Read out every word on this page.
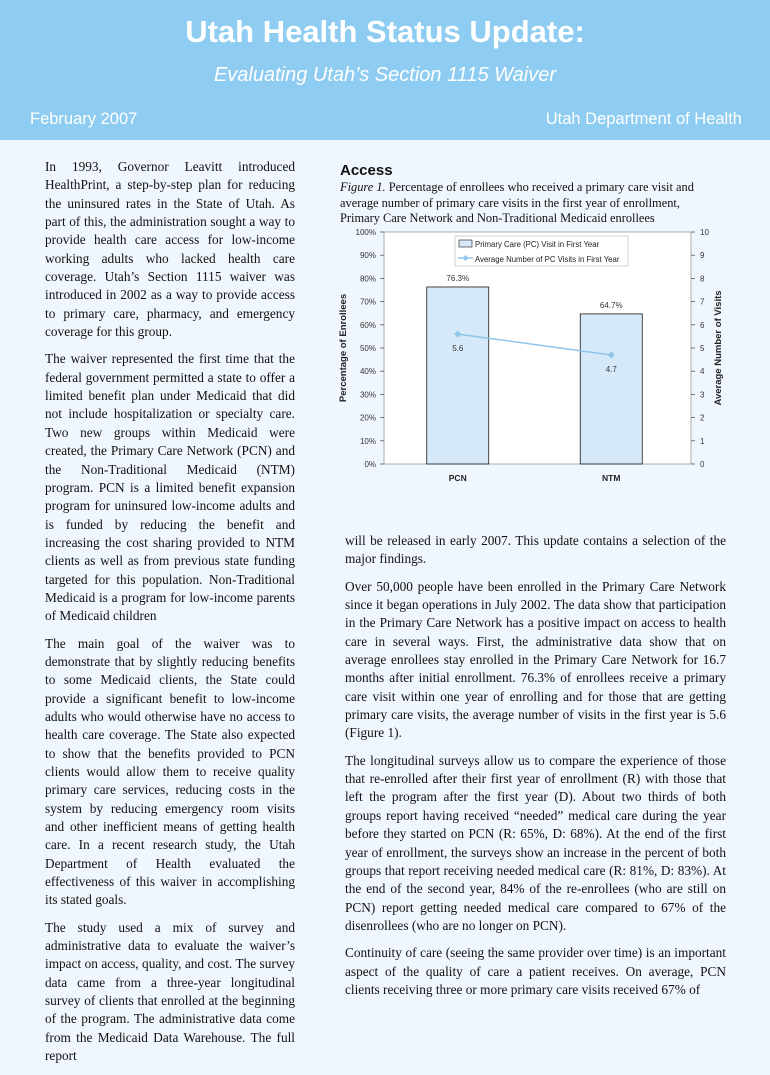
Utah Health Status Update:
Evaluating Utah’s Section 1115 Waiver
February 2007	Utah Department of Health

In 1993, Governor Leavitt introduced HealthPrint, a step-by-step plan for reducing the uninsured rates in the State of Utah. As part of this, the administration sought a way to provide health care access for low-income working adults who lacked health care coverage. Utah’s Section 1115 waiver was introduced in 2002 as a way to provide access to primary care, pharmacy, and emergency coverage for this group.

The waiver represented the first time that the federal government permitted a state to offer a limited benefit plan under Medicaid that did not include hospitalization or specialty care. Two new groups within Medicaid were created, the Primary Care Network (PCN) and the Non-Traditional Medicaid (NTM) program. PCN is a limited benefit expansion program for uninsured low-income adults and is funded by reducing the benefit and increasing the cost sharing provided to NTM clients as well as from previous state funding targeted for this population. Non-Traditional Medicaid is a program for low-income parents of Medicaid children

The main goal of the waiver was to demonstrate that by slightly reducing benefits to some Medicaid clients, the State could provide a significant benefit to low-income adults who would otherwise have no access to health care coverage. The State also expected to show that the benefits provided to PCN clients would allow them to receive quality primary care services, reducing costs in the system by reducing emergency room visits and other inefficient means of getting health care. In a recent research study, the Utah Department of Health evaluated the effectiveness of this waiver in accomplishing its stated goals.

The study used a mix of survey and administrative data to evaluate the waiver’s impact on access, quality, and cost. The survey data came from a three-year longitudinal survey of clients that enrolled at the beginning of the program. The administrative data come from the Medicaid Data Warehouse. The full report

Access
Figure 1. Percentage of enrollees who received a primary care visit and average number of primary care visits in the first year of enrollment, Primary Care Network and Non-Traditional Medicaid enrollees
0%
10%
20%
30%
40%
50%
60%
70%
80%
90%
100%
0
1
2
3
4
5
6
7
8
9
10
Percentage of Enrollees	Average Number of Visits
76.3%
PCN
64.7%
NTM
5.6
4.7
Primary Care (PC) Visit in First Year
Average Number of PC Visits in First Year

will be released in early 2007. This update contains a selection of the major findings.

Over 50,000 people have been enrolled in the Primary Care Network since it began operations in July 2002. The data show that participation in the Primary Care Network has a positive impact on access to health care in several ways. First, the administrative data show that on average enrollees stay enrolled in the Primary Care Network for 16.7 months after initial enrollment. 76.3% of enrollees receive a primary care visit within one year of enrolling and for those that are getting primary care visits, the average number of visits in the first year is 5.6 (Figure 1).

The longitudinal surveys allow us to compare the experience of those that re-enrolled after their first year of enrollment (R) with those that left the program after the first year (D). About two thirds of both groups report having received “needed” medical care during the year before they started on PCN (R: 65%, D: 68%). At the end of the first year of enrollment, the surveys show an increase in the percent of both groups that report receiving needed medical care (R: 81%, D: 83%). At the end of the second year, 84% of the re-enrollees (who are still on PCN) report getting needed medical care compared to 67% of the disenrollees (who are no longer on PCN).

Continuity of care (seeing the same provider over time) is an important aspect of the quality of care a patient receives. On average, PCN clients receiving three or more primary care visits received 67% of
